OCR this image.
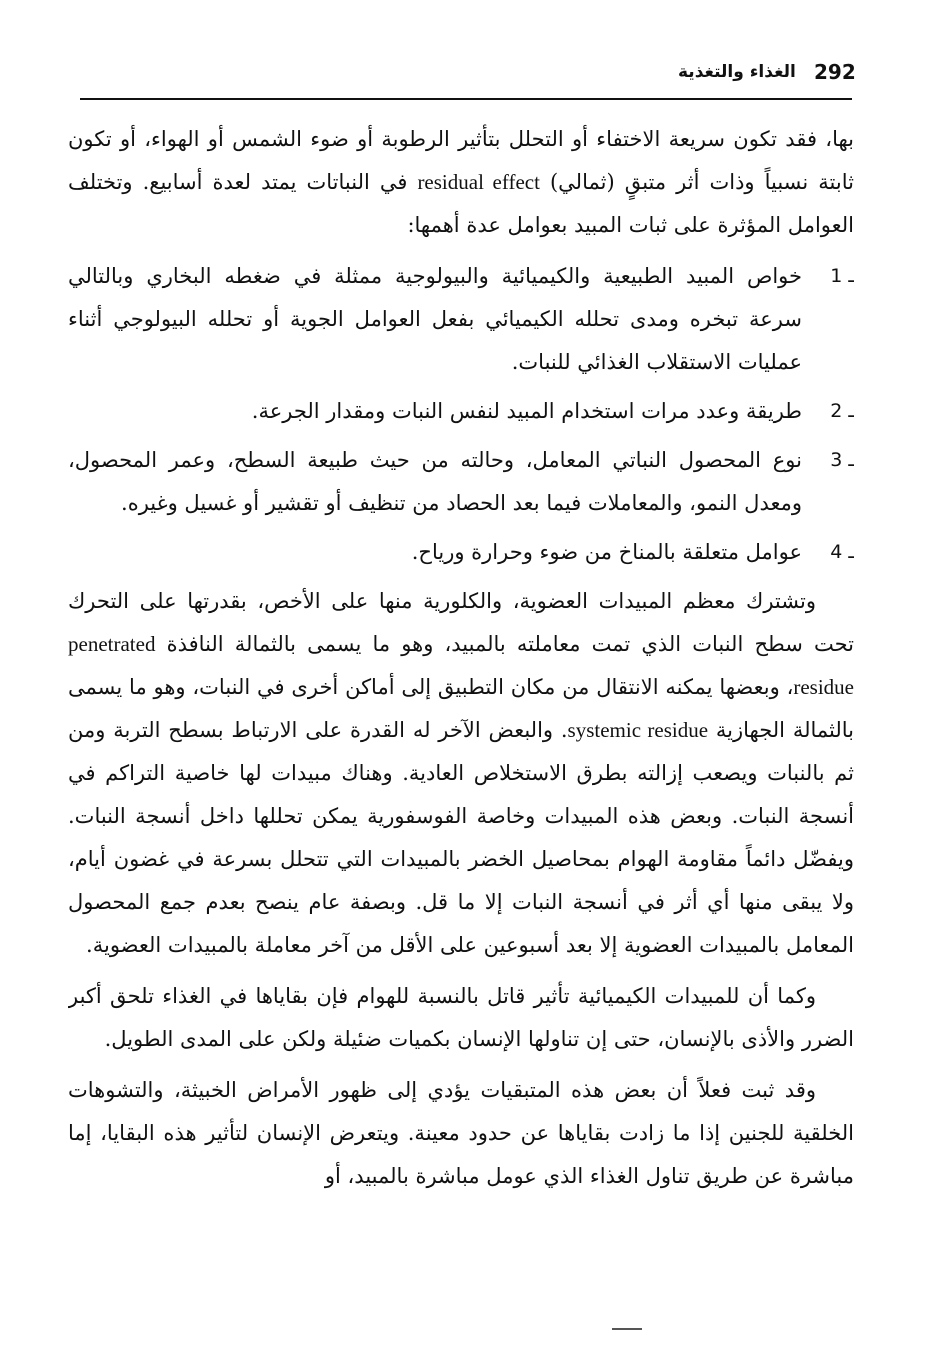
292
الغذاء والتغذية

بها، فقد تكون سريعة الاختفاء أو التحلل بتأثير الرطوبة أو ضوء الشمس أو الهواء، أو تكون ثابتة نسبياً وذات أثر متبقٍ (ثمالي) residual effect في النباتات يمتد لعدة أسابيع. وتختلف العوامل المؤثرة على ثبات المبيد بعوامل عدة أهمها:

1 ـ
خواص المبيد الطبيعية والكيميائية والبيولوجية ممثلة في ضغطه البخاري وبالتالي سرعة تبخره ومدى تحلله الكيميائي بفعل العوامل الجوية أو تحلله البيولوجي أثناء عمليات الاستقلاب الغذائي للنبات.
2 ـ
طريقة وعدد مرات استخدام المبيد لنفس النبات ومقدار الجرعة.
3 ـ
نوع المحصول النباتي المعامل، وحالته من حيث طبيعة السطح، وعمر المحصول، ومعدل النمو، والمعاملات فيما بعد الحصاد من تنظيف أو تقشير أو غسيل وغيره.
4 ـ
عوامل متعلقة بالمناخ من ضوء وحرارة ورياح.

وتشترك معظم المبيدات العضوية، والكلورية منها على الأخص، بقدرتها على التحرك تحت سطح النبات الذي تمت معاملته بالمبيد، وهو ما يسمى بالثمالة النافذة penetrated residue، وبعضها يمكنه الانتقال من مكان التطبيق إلى أماكن أخرى في النبات، وهو ما يسمى بالثمالة الجهازية systemic residue. والبعض الآخر له القدرة على الارتباط بسطح التربة ومن ثم بالنبات ويصعب إزالته بطرق الاستخلاص العادية. وهناك مبيدات لها خاصية التراكم في أنسجة النبات. وبعض هذه المبيدات وخاصة الفوسفورية يمكن تحللها داخل أنسجة النبات. ويفضّل دائماً مقاومة الهوام بمحاصيل الخضر بالمبيدات التي تتحلل بسرعة في غضون أيام، ولا يبقى منها أي أثر في أنسجة النبات إلا ما قل. وبصفة عام ينصح بعدم جمع المحصول المعامل بالمبيدات العضوية إلا بعد أسبوعين على الأقل من آخر معاملة بالمبيدات العضوية.

وكما أن للمبيدات الكيميائية تأثير قاتل بالنسبة للهوام فإن بقاياها في الغذاء تلحق أكبر الضرر والأذى بالإنسان، حتى إن تناولها الإنسان بكميات ضئيلة ولكن على المدى الطويل.

وقد ثبت فعلاً أن بعض هذه المتبقيات يؤدي إلى ظهور الأمراض الخبيثة، والتشوهات الخلقية للجنين إذا ما زادت بقاياها عن حدود معينة. ويتعرض الإنسان لتأثير هذه البقايا، إما مباشرة عن طريق تناول الغذاء الذي عومل مباشرة بالمبيد، أو
